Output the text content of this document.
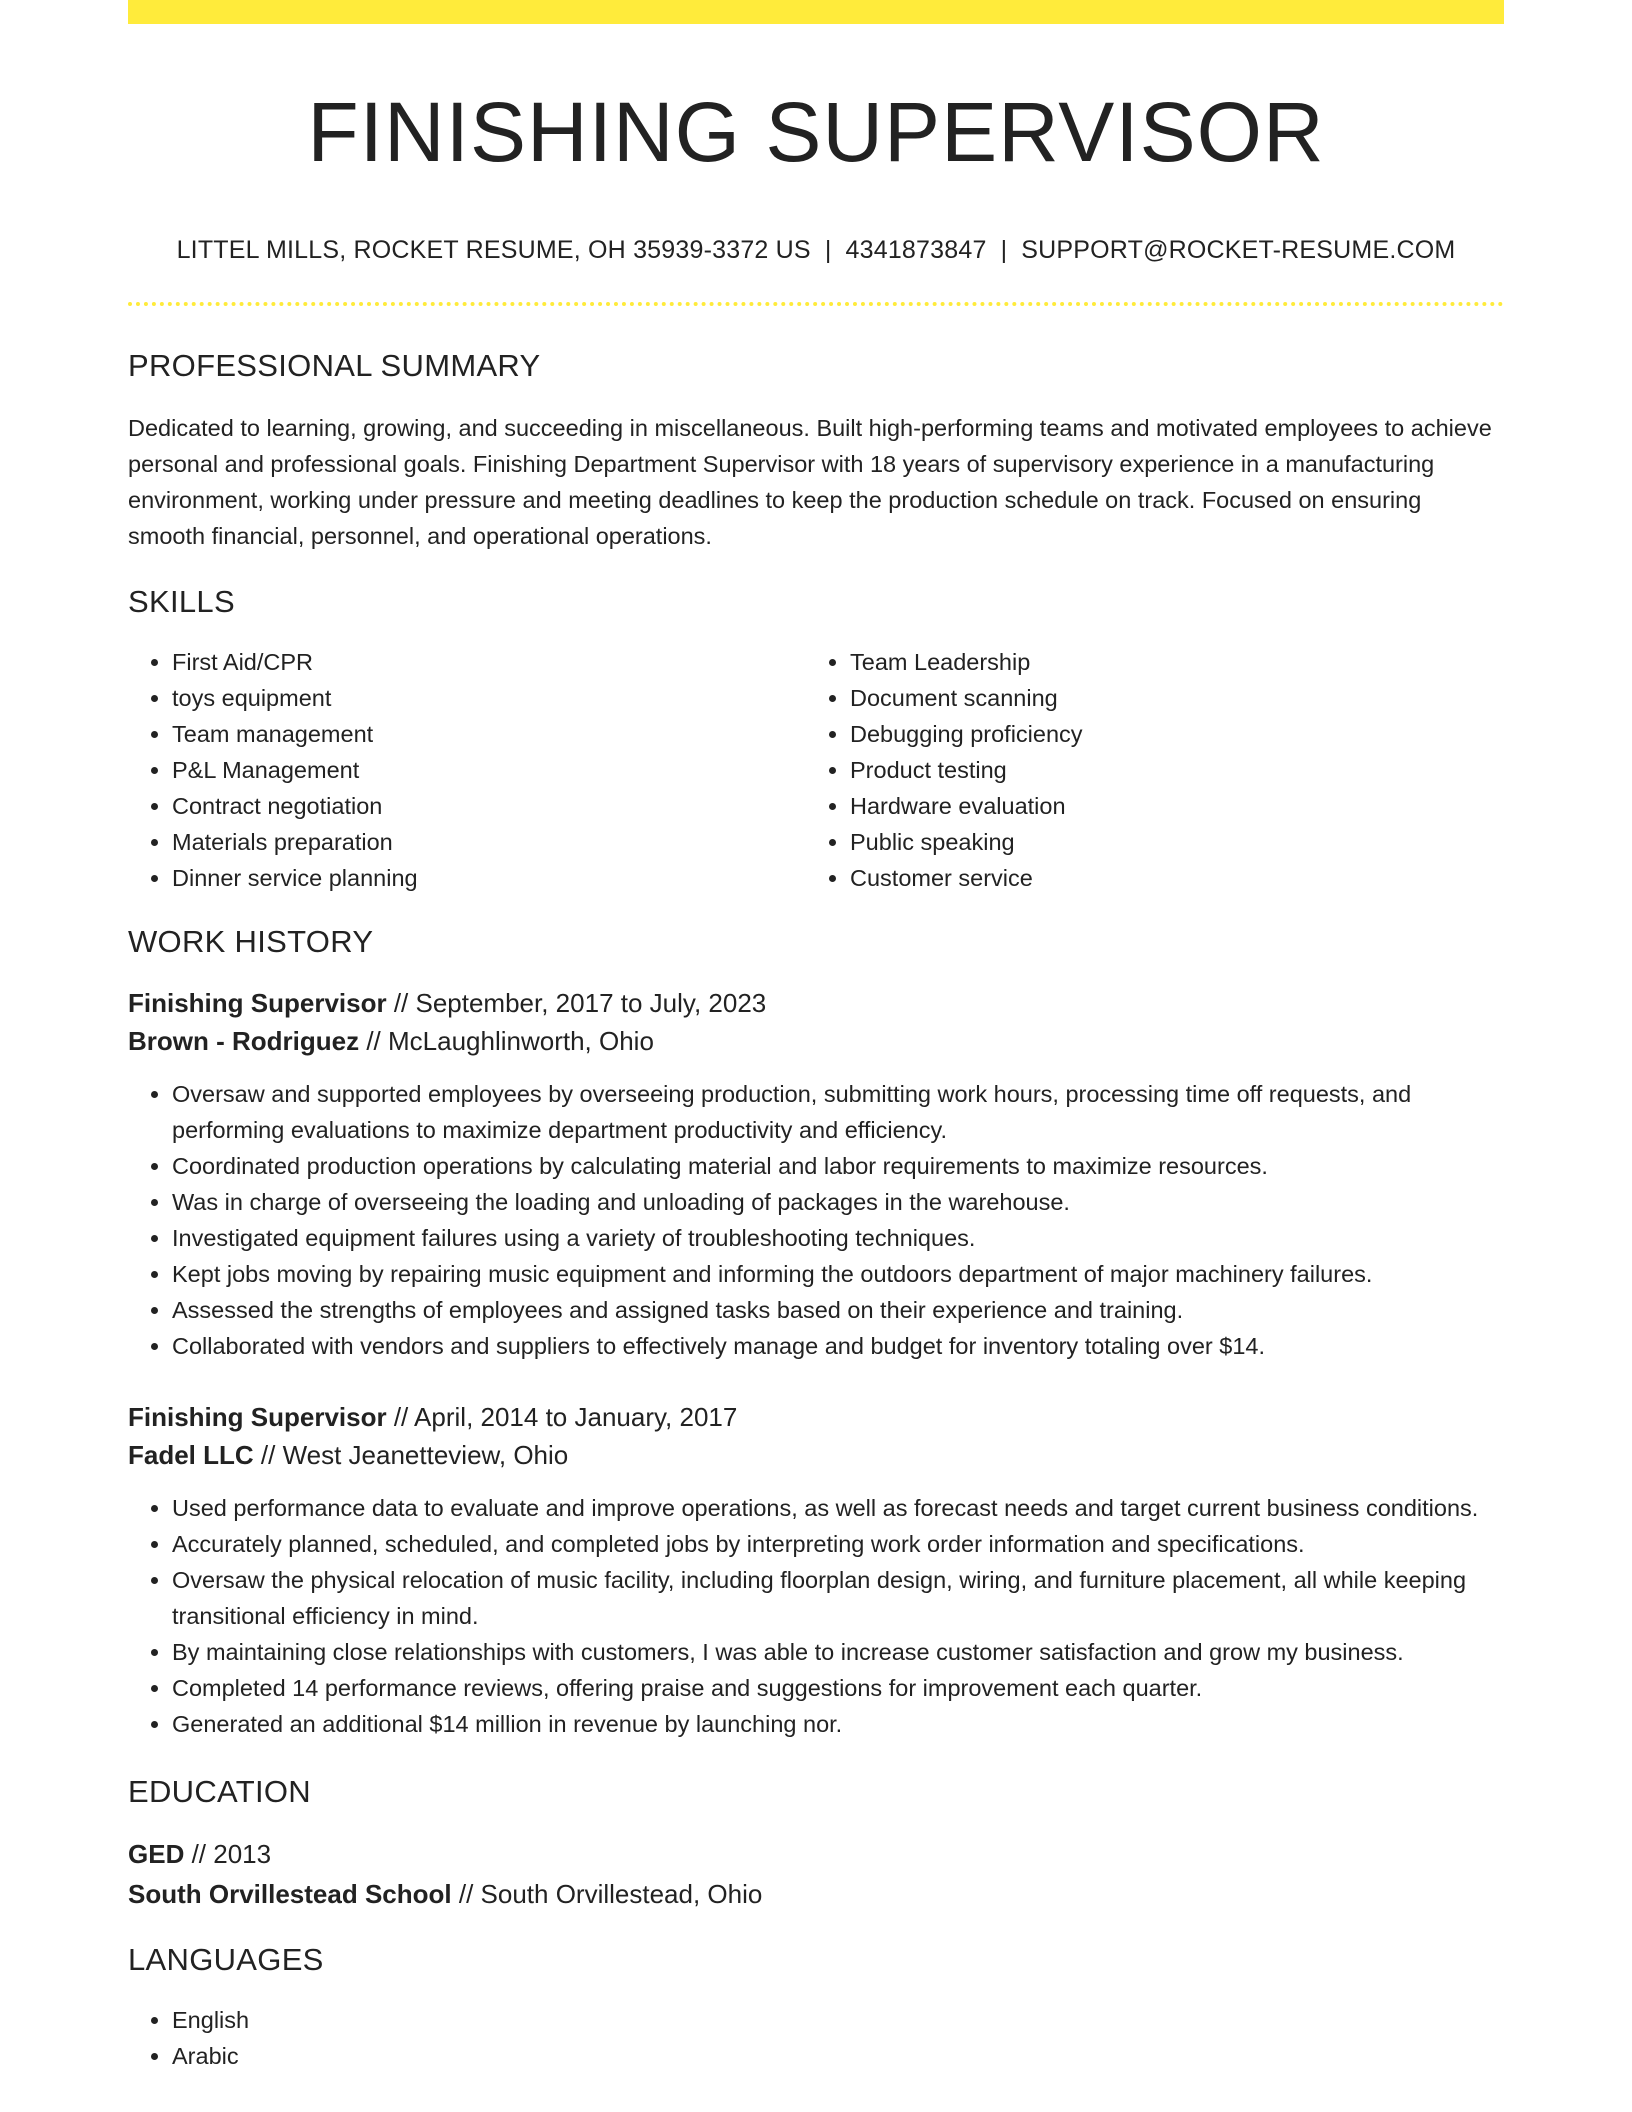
FINISHING SUPERVISOR
LITTEL MILLS, ROCKET RESUME, OH 35939-3372 US | 4341873847 | SUPPORT@ROCKET-RESUME.COM
PROFESSIONAL SUMMARY

Dedicated to learning, growing, and succeeding in miscellaneous. Built high-performing teams and motivated employees to achieve personal and professional goals. Finishing Department Supervisor with 18 years of supervisory experience in a manufacturing environment, working under pressure and meeting deadlines to keep the production schedule on track. Focused on ensuring smooth financial, personnel, and operational operations.

SKILLS
• First Aid/CPR
• toys equipment
• Team management
• P&L Management
• Contract negotiation
• Materials preparation
• Dinner service planning
• Team Leadership
• Document scanning
• Debugging proficiency
• Product testing
• Hardware evaluation
• Public speaking
• Customer service
WORK HISTORY
Finishing Supervisor // September, 2017 to July, 2023
Brown - Rodriguez // McLaughlinworth, Ohio
• Oversaw and supported employees by overseeing production, submitting work hours, processing time off requests, and performing evaluations to maximize department productivity and efficiency.
• Coordinated production operations by calculating material and labor requirements to maximize resources.
• Was in charge of overseeing the loading and unloading of packages in the warehouse.
• Investigated equipment failures using a variety of troubleshooting techniques.
• Kept jobs moving by repairing music equipment and informing the outdoors department of major machinery failures.
• Assessed the strengths of employees and assigned tasks based on their experience and training.
• Collaborated with vendors and suppliers to effectively manage and budget for inventory totaling over $14.
Finishing Supervisor // April, 2014 to January, 2017
Fadel LLC // West Jeanetteview, Ohio
• Used performance data to evaluate and improve operations, as well as forecast needs and target current business conditions.
• Accurately planned, scheduled, and completed jobs by interpreting work order information and specifications.
• Oversaw the physical relocation of music facility, including floorplan design, wiring, and furniture placement, all while keeping transitional efficiency in mind.
• By maintaining close relationships with customers, I was able to increase customer satisfaction and grow my business.
• Completed 14 performance reviews, offering praise and suggestions for improvement each quarter.
• Generated an additional $14 million in revenue by launching nor.
EDUCATION
GED // 2013
South Orvillestead School // South Orvillestead, Ohio
LANGUAGES
• English
• Arabic
